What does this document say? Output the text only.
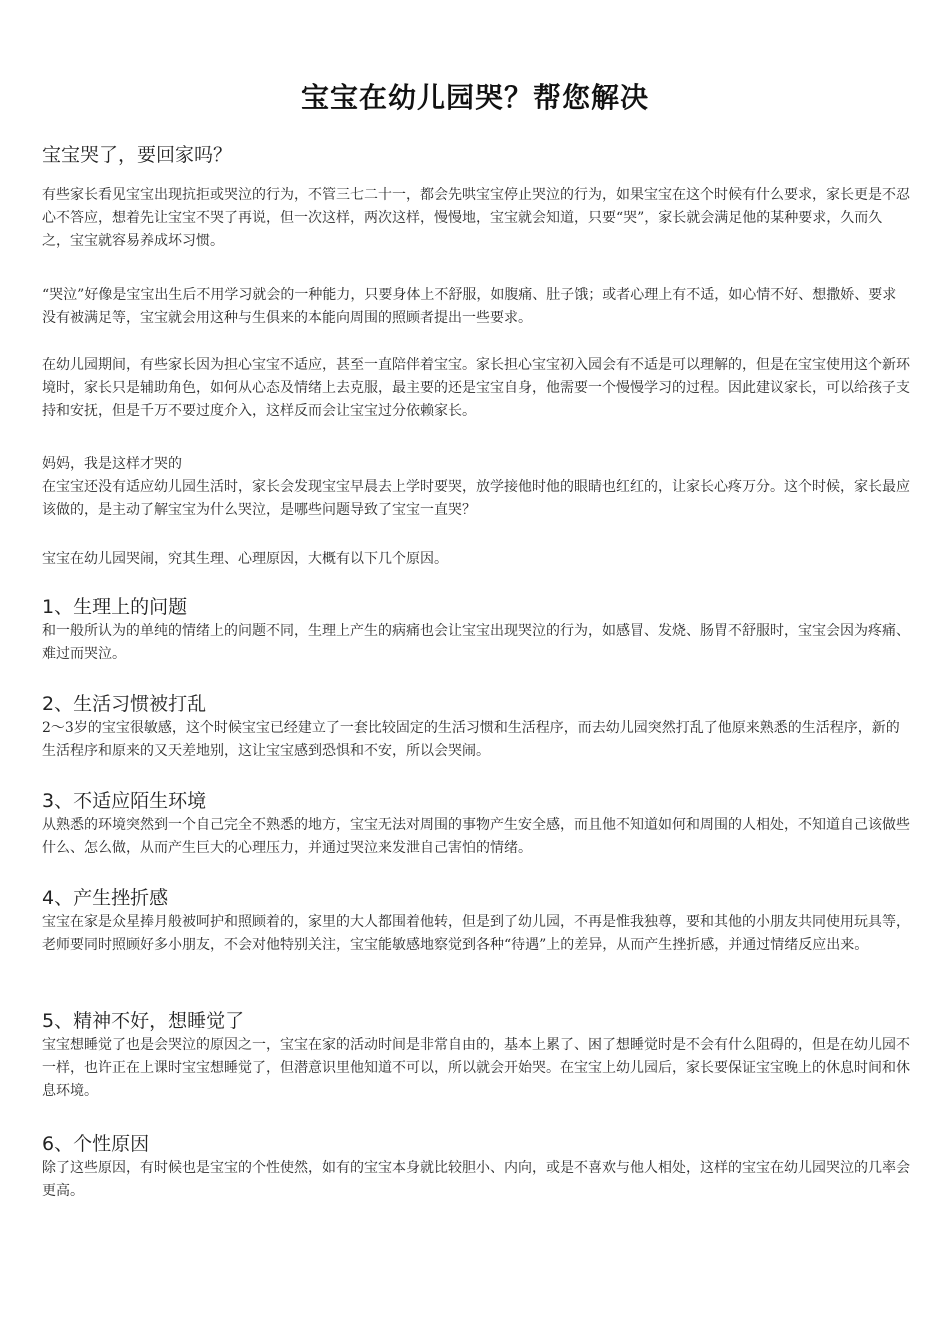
宝宝在幼儿园哭？帮您解决
宝宝哭了，要回家吗？

有些家长看见宝宝出现抗拒或哭泣的行为，不管三七二十一，都会先哄宝宝停止哭泣的行为，如果宝宝在这个时候有什么要求，家长更是不忍心不答应，想着先让宝宝不哭了再说，但一次这样，两次这样，慢慢地，宝宝就会知道，只要“哭”，家长就会满足他的某种要求，久而久之，宝宝就容易养成坏习惯。

“哭泣”好像是宝宝出生后不用学习就会的一种能力，只要身体上不舒服，如腹痛、肚子饿；或者心理上有不适，如心情不好、想撒娇、要求没有被满足等，宝宝就会用这种与生俱来的本能向周围的照顾者提出一些要求。

在幼儿园期间，有些家长因为担心宝宝不适应，甚至一直陪伴着宝宝。家长担心宝宝初入园会有不适是可以理解的，但是在宝宝使用这个新环境时，家长只是辅助角色，如何从心态及情绪上去克服，最主要的还是宝宝自身，他需要一个慢慢学习的过程。因此建议家长，可以给孩子支持和安抚，但是千万不要过度介入，这样反而会让宝宝过分依赖家长。

妈妈，我是这样才哭的

在宝宝还没有适应幼儿园生活时，家长会发现宝宝早晨去上学时要哭，放学接他时他的眼睛也红红的，让家长心疼万分。这个时候，家长最应该做的，是主动了解宝宝为什么哭泣，是哪些问题导致了宝宝一直哭？

宝宝在幼儿园哭闹，究其生理、心理原因，大概有以下几个原因。

1、生理上的问题

和一般所认为的单纯的情绪上的问题不同，生理上产生的病痛也会让宝宝出现哭泣的行为，如感冒、发烧、肠胃不舒服时，宝宝会因为疼痛、难过而哭泣。

2、生活习惯被打乱

2～3岁的宝宝很敏感，这个时候宝宝已经建立了一套比较固定的生活习惯和生活程序，而去幼儿园突然打乱了他原来熟悉的生活程序，新的生活程序和原来的又天差地别，这让宝宝感到恐惧和不安，所以会哭闹。

3、不适应陌生环境

从熟悉的环境突然到一个自己完全不熟悉的地方，宝宝无法对周围的事物产生安全感，而且他不知道如何和周围的人相处，不知道自己该做些什么、怎么做，从而产生巨大的心理压力，并通过哭泣来发泄自己害怕的情绪。

4、产生挫折感

宝宝在家是众星捧月般被呵护和照顾着的，家里的大人都围着他转，但是到了幼儿园，不再是惟我独尊，要和其他的小朋友共同使用玩具等，老师要同时照顾好多小朋友，不会对他特别关注，宝宝能敏感地察觉到各种“待遇”上的差异，从而产生挫折感，并通过情绪反应出来。

5、精神不好，想睡觉了

宝宝想睡觉了也是会哭泣的原因之一，宝宝在家的活动时间是非常自由的，基本上累了、困了想睡觉时是不会有什么阻碍的，但是在幼儿园不一样，也许正在上课时宝宝想睡觉了，但潜意识里他知道不可以，所以就会开始哭。在宝宝上幼儿园后，家长要保证宝宝晚上的休息时间和休息环境。

6、个性原因

除了这些原因，有时候也是宝宝的个性使然，如有的宝宝本身就比较胆小、内向，或是不喜欢与他人相处，这样的宝宝在幼儿园哭泣的几率会更高。
